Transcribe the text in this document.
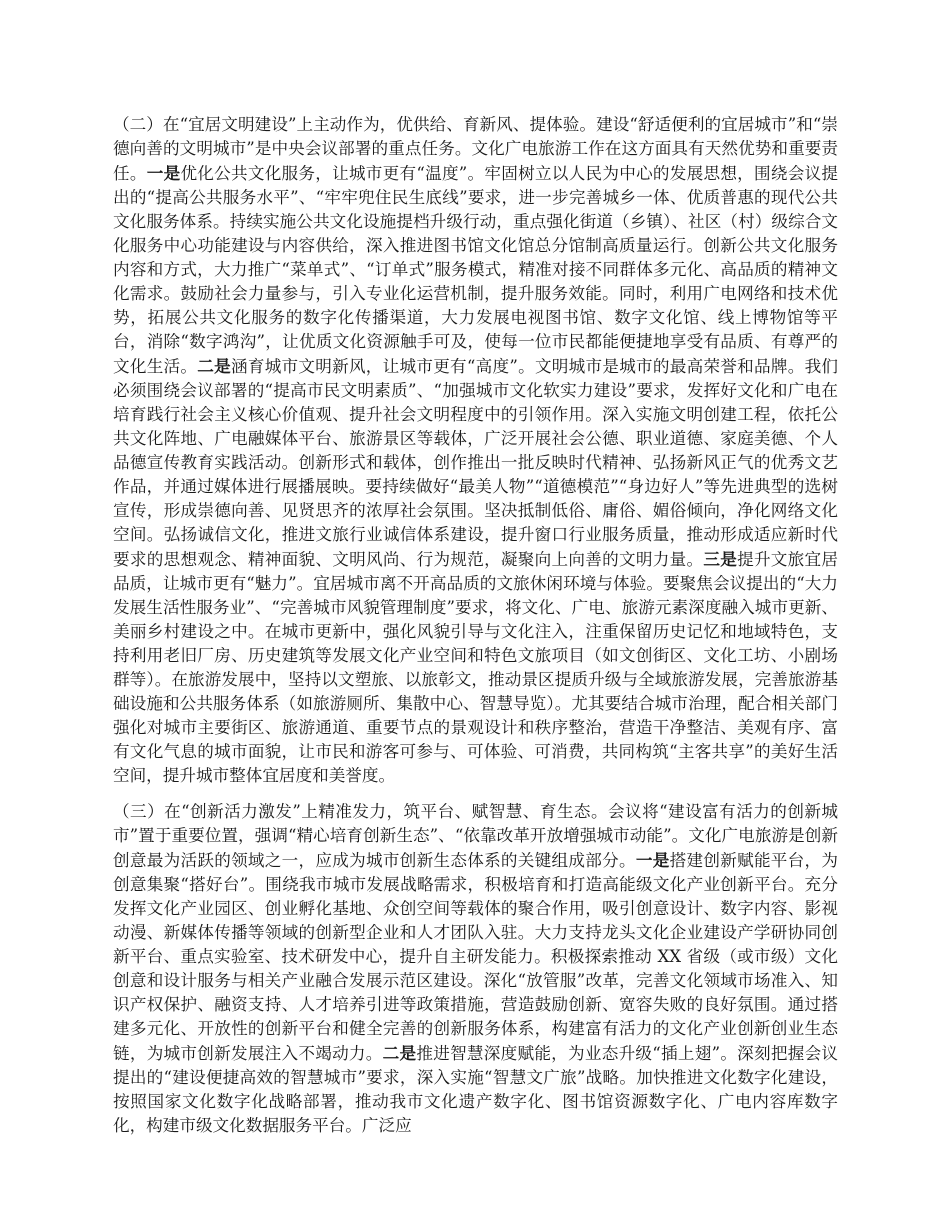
（二）在“宜居文明建设”上主动作为，优供给、育新风、提体验。建设“舒适便利的宜居城市”和“崇德向善的文明城市”是中央会议部署的重点任务。文化广电旅游工作在这方面具有天然优势和重要责任。一是优化公共文化服务，让城市更有“温度”。牢固树立以人民为中心的发展思想，围绕会议提出的“提高公共服务水平”、“牢牢兜住民生底线”要求，进一步完善城乡一体、优质普惠的现代公共文化服务体系。持续实施公共文化设施提档升级行动，重点强化街道（乡镇）、社区（村）级综合文化服务中心功能建设与内容供给，深入推进图书馆文化馆总分馆制高质量运行。创新公共文化服务内容和方式，大力推广“菜单式”、“订单式”服务模式，精准对接不同群体多元化、高品质的精神文化需求。鼓励社会力量参与，引入专业化运营机制，提升服务效能。同时，利用广电网络和技术优势，拓展公共文化服务的数字化传播渠道，大力发展电视图书馆、数字文化馆、线上博物馆等平台，消除“数字鸿沟”，让优质文化资源触手可及，使每一位市民都能便捷地享受有品质、有尊严的文化生活。二是涵育城市文明新风，让城市更有“高度”。文明城市是城市的最高荣誉和品牌。我们必须围绕会议部署的“提高市民文明素质”、“加强城市文化软实力建设”要求，发挥好文化和广电在培育践行社会主义核心价值观、提升社会文明程度中的引领作用。深入实施文明创建工程，依托公共文化阵地、广电融媒体平台、旅游景区等载体，广泛开展社会公德、职业道德、家庭美德、个人品德宣传教育实践活动。创新形式和载体，创作推出一批反映时代精神、弘扬新风正气的优秀文艺作品，并通过媒体进行展播展映。要持续做好“最美人物”“道德模范”“身边好人”等先进典型的选树宣传，形成崇德向善、见贤思齐的浓厚社会氛围。坚决抵制低俗、庸俗、媚俗倾向，净化网络文化空间。弘扬诚信文化，推进文旅行业诚信体系建设，提升窗口行业服务质量，推动形成适应新时代要求的思想观念、精神面貌、文明风尚、行为规范，凝聚向上向善的文明力量。三是提升文旅宜居品质，让城市更有“魅力”。宜居城市离不开高品质的文旅休闲环境与体验。要聚焦会议提出的“大力发展生活性服务业”、“完善城市风貌管理制度”要求，将文化、广电、旅游元素深度融入城市更新、美丽乡村建设之中。在城市更新中，强化风貌引导与文化注入，注重保留历史记忆和地域特色，支持利用老旧厂房、历史建筑等发展文化产业空间和特色文旅项目（如文创街区、文化工坊、小剧场群等）。在旅游发展中，坚持以文塑旅、以旅彰文，推动景区提质升级与全域旅游发展，完善旅游基础设施和公共服务体系（如旅游厕所、集散中心、智慧导览）。尤其要结合城市治理，配合相关部门强化对城市主要街区、旅游通道、重要节点的景观设计和秩序整治，营造干净整洁、美观有序、富有文化气息的城市面貌，让市民和游客可参与、可体验、可消费，共同构筑“主客共享”的美好生活空间，提升城市整体宜居度和美誉度。

（三）在“创新活力激发”上精准发力，筑平台、赋智慧、育生态。会议将“建设富有活力的创新城市”置于重要位置，强调“精心培育创新生态”、“依靠改革开放增强城市动能”。文化广电旅游是创新创意最为活跃的领域之一，应成为城市创新生态体系的关键组成部分。一是搭建创新赋能平台，为创意集聚“搭好台”。围绕我市城市发展战略需求，积极培育和打造高能级文化产业创新平台。充分发挥文化产业园区、创业孵化基地、众创空间等载体的聚合作用，吸引创意设计、数字内容、影视动漫、新媒体传播等领域的创新型企业和人才团队入驻。大力支持龙头文化企业建设产学研协同创新平台、重点实验室、技术研发中心，提升自主研发能力。积极探索推动 XX 省级（或市级）文化创意和设计服务与相关产业融合发展示范区建设。深化“放管服”改革，完善文化领域市场准入、知识产权保护、融资支持、人才培养引进等政策措施，营造鼓励创新、宽容失败的良好氛围。通过搭建多元化、开放性的创新平台和健全完善的创新服务体系，构建富有活力的文化产业创新创业生态链，为城市创新发展注入不竭动力。二是推进智慧深度赋能，为业态升级“插上翅”。深刻把握会议提出的“建设便捷高效的智慧城市”要求，深入实施“智慧文广旅”战略。加快推进文化数字化建设，按照国家文化数字化战略部署，推动我市文化遗产数字化、图书馆资源数字化、广电内容库数字化，构建市级文化数据服务平台。广泛应
